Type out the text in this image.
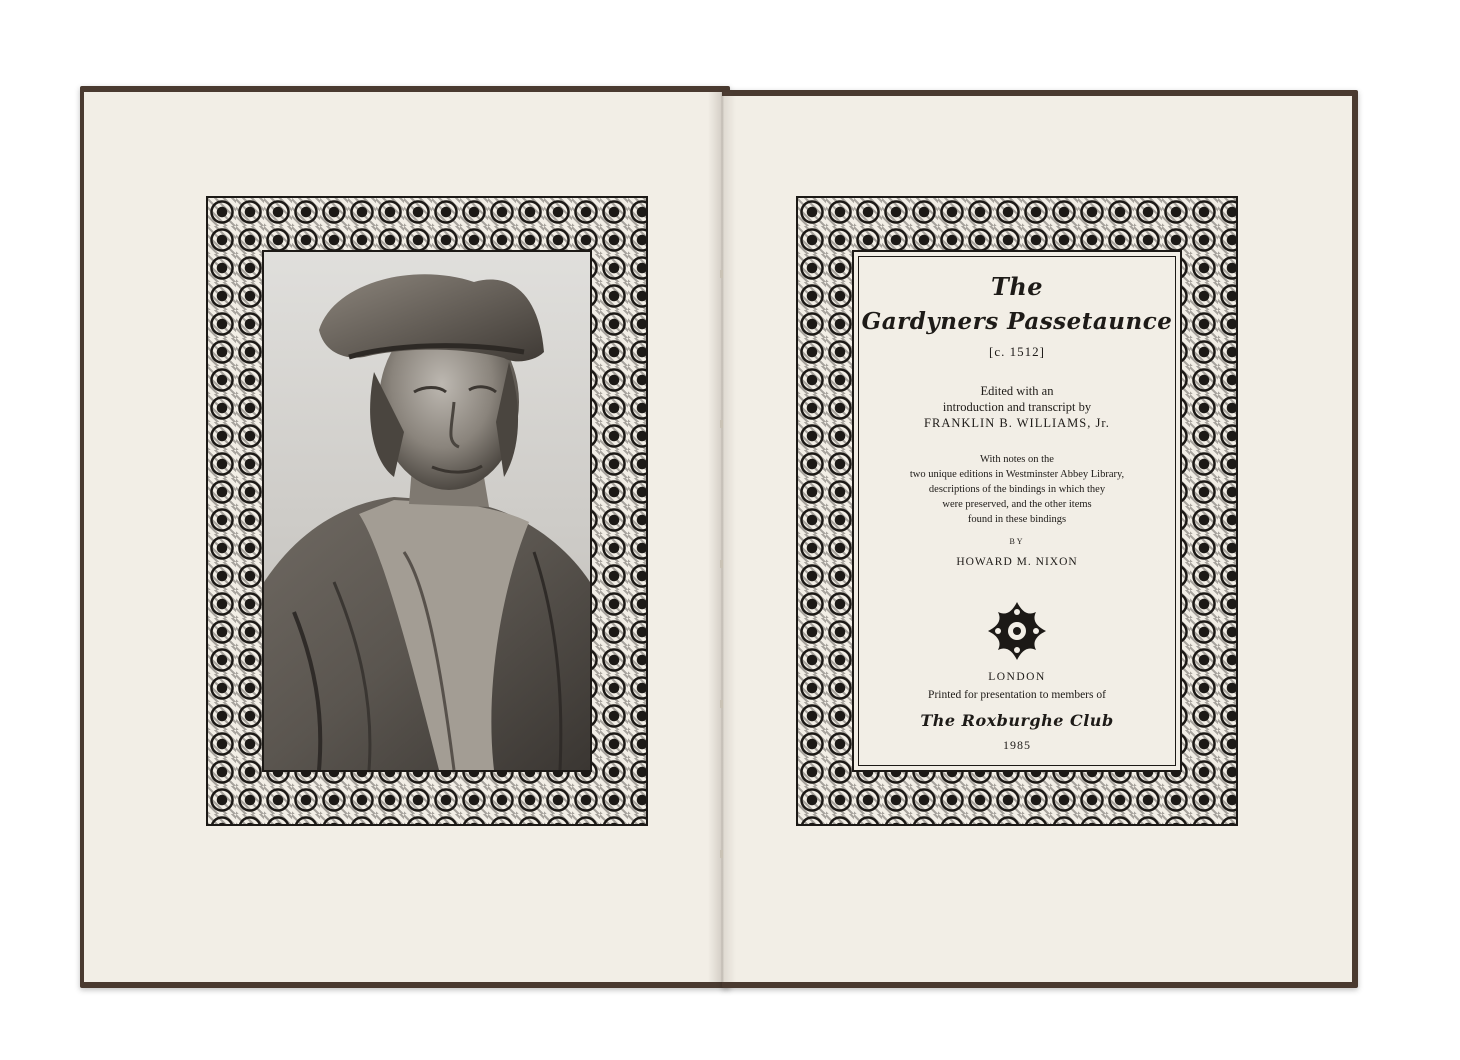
The
Gardyners Passetaunce
[c. 1512]
Edited with an
introduction and transcript by
FRANKLIN B. WILLIAMS, Jr.
With notes on the
two unique editions in Westminster Abbey Library,
descriptions of the bindings in which they
were preserved, and the other items
found in these bindings
BY
HOWARD M. NIXON
LONDON
Printed for presentation to members of
The Roxburghe Club
1985
